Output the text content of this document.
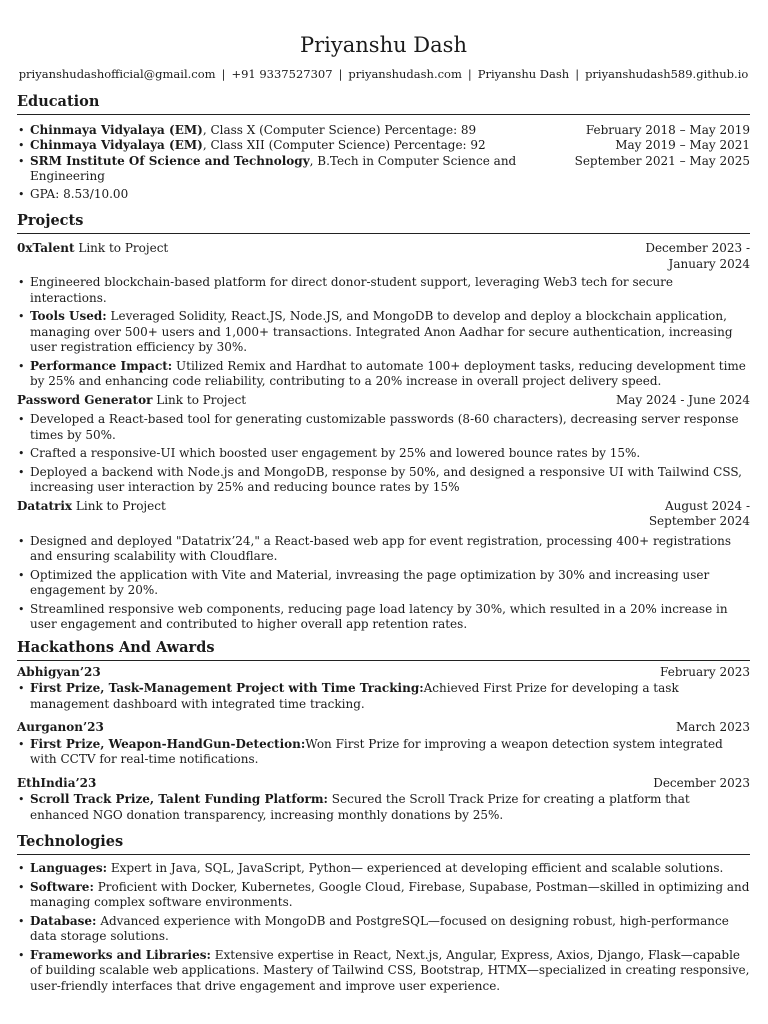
Priyanshu Dash
priyanshudashofficial@gmail.com | +91 9337527307 | priyanshudash.com | Priyanshu Dash | priyanshudash589.github.io
Education
• Chinmaya Vidyalaya (EM), Class X (Computer Science) Percentage: 89	February 2018 – May 2019
• Chinmaya Vidyalaya (EM), Class XII (Computer Science) Percentage: 92	May 2019 – May 2021
• SRM Institute Of Science and Technology, B.Tech in Computer Science and Engineering
September 2021 – May 2025
• GPA: 8.53/10.00
Projects
0xTalent Link to Project	December 2023 - January 2024
• Engineered blockchain-based platform for direct donor-student support, leveraging Web3 tech for secure interactions.
• Tools Used: Leveraged Solidity, React.JS, Node.JS, and MongoDB to develop and deploy a blockchain application, managing over 500+ users and 1,000+ transactions. Integrated Anon Aadhar for secure authentication, increasing user registration efficiency by 30%.
• Performance Impact: Utilized Remix and Hardhat to automate 100+ deployment tasks, reducing development time by 25% and enhancing code reliability, contributing to a 20% increase in overall project delivery speed.
Password Generator Link to Project	May 2024 - June 2024
• Developed a React-based tool for generating customizable passwords (8-60 characters), decreasing server response times by 50%.
• Crafted a responsive-UI which boosted user engagement by 25% and lowered bounce rates by 15%.
• Deployed a backend with Node.js and MongoDB, response by 50%, and designed a responsive UI with Tailwind CSS, increasing user interaction by 25% and reducing bounce rates by 15%
Datatrix Link to Project	August 2024 - September 2024
• Designed and deployed "Datatrix’24," a React-based web app for event registration, processing 400+ registrations and ensuring scalability with Cloudflare.
• Optimized the application with Vite and Material, invreasing the page optimization by 30% and increasing user engagement by 20%.
• Streamlined responsive web components, reducing page load latency by 30%, which resulted in a 20% increase in user engagement and contributed to higher overall app retention rates.
Hackathons And Awards
Abhigyan’23	February 2023
• First Prize, Task-Management Project with Time Tracking:Achieved First Prize for developing a task management dashboard with integrated time tracking.
Aurganon’23	March 2023
• First Prize, Weapon-HandGun-Detection:Won First Prize for improving a weapon detection system integrated with CCTV for real-time notifications.
EthIndia’23	December 2023
• Scroll Track Prize, Talent Funding Platform: Secured the Scroll Track Prize for creating a platform that enhanced NGO donation transparency, increasing monthly donations by 25%.
Technologies
• Languages: Expert in Java, SQL, JavaScript, Python— experienced at developing efficient and scalable solutions.
• Software: Proficient with Docker, Kubernetes, Google Cloud, Firebase, Supabase, Postman—skilled in optimizing and managing complex software environments.
• Database: Advanced experience with MongoDB and PostgreSQL—focused on designing robust, high-performance data storage solutions.
• Frameworks and Libraries: Extensive expertise in React, Next.js, Angular, Express, Axios, Django, Flask—capable of building scalable web applications. Mastery of Tailwind CSS, Bootstrap, HTMX—specialized in creating responsive, user-friendly interfaces that drive engagement and improve user experience.
